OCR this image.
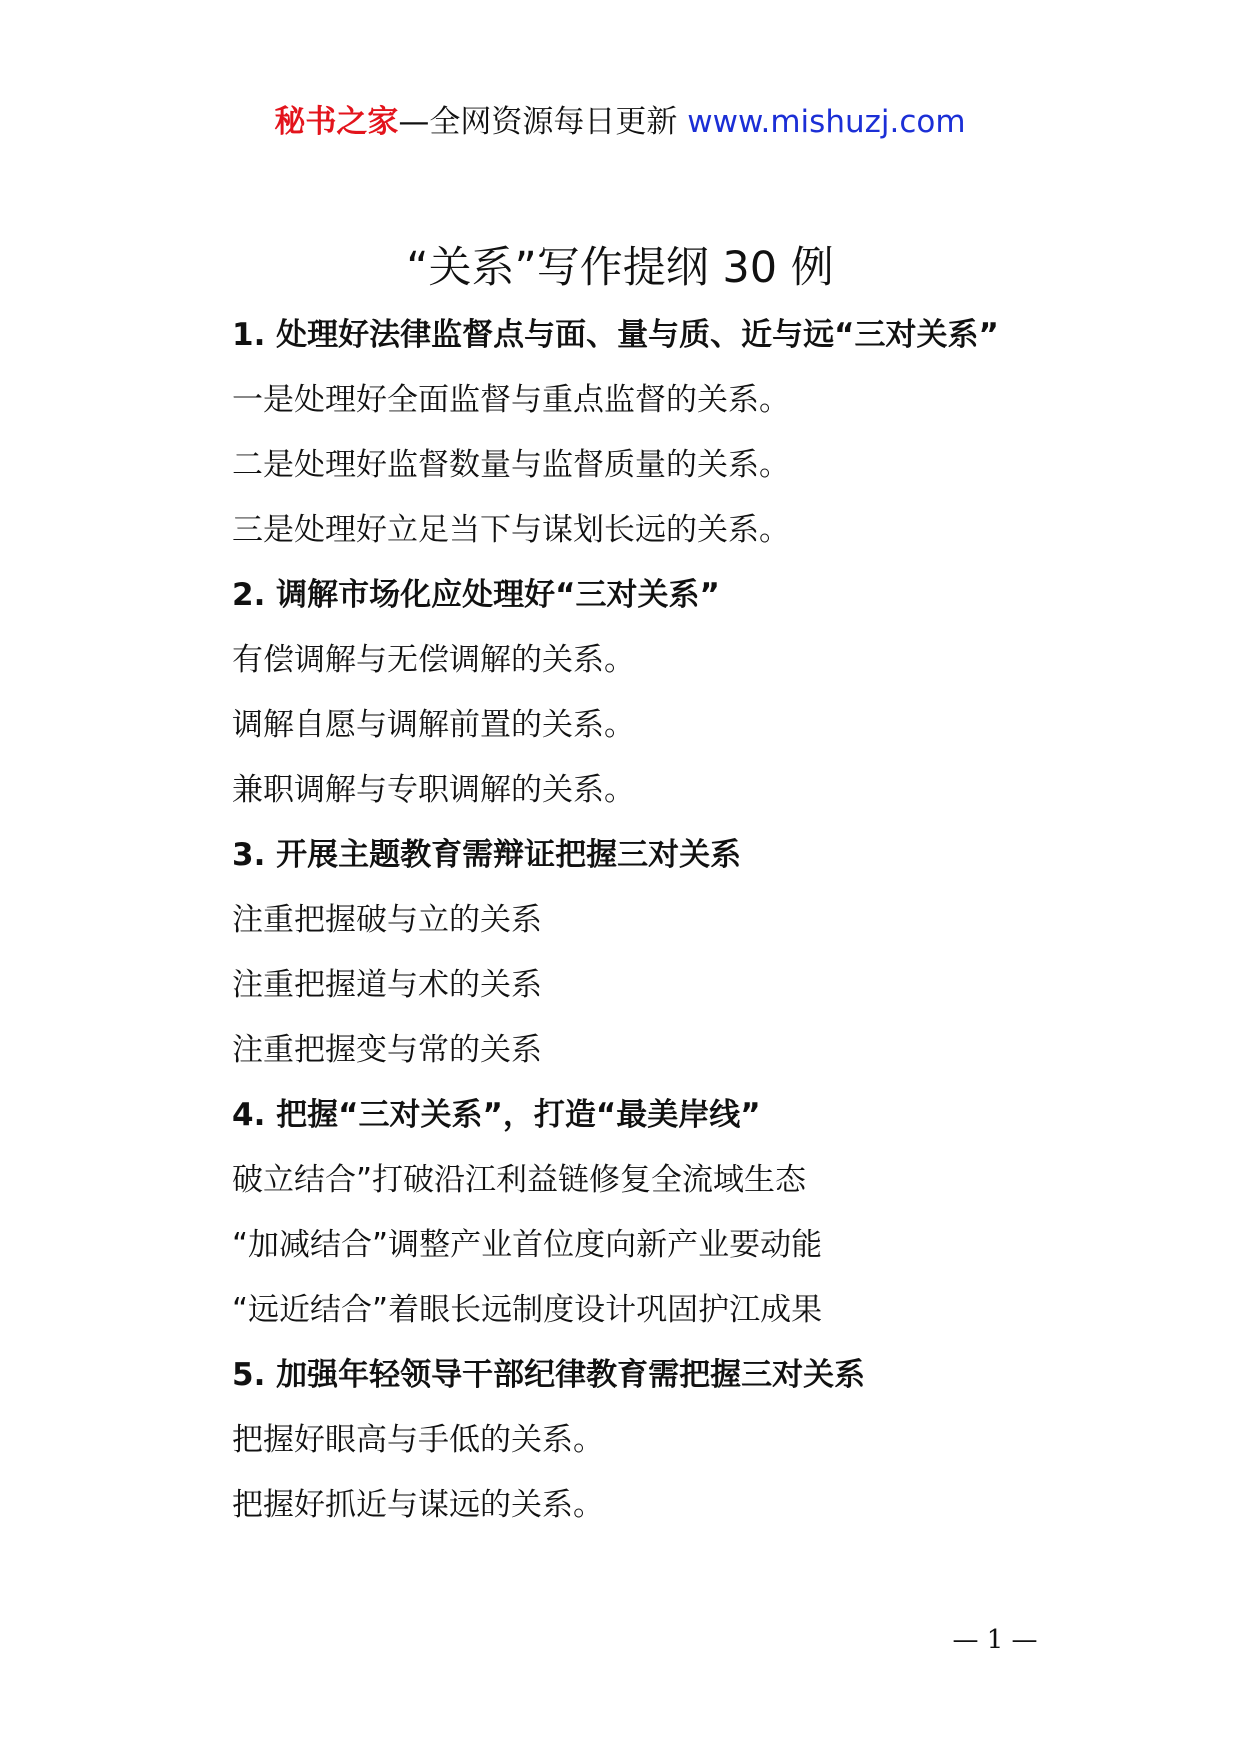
秘书之家—全网资源每日更新 www.mishuzj.com
“关系”写作提纲 30 例
1. 处理好法律监督点与面、量与质、近与远“三对关系”
一是处理好全面监督与重点监督的关系。
二是处理好监督数量与监督质量的关系。
三是处理好立足当下与谋划长远的关系。
2. 调解市场化应处理好“三对关系”
有偿调解与无偿调解的关系。
调解自愿与调解前置的关系。
兼职调解与专职调解的关系。
3. 开展主题教育需辩证把握三对关系
注重把握破与立的关系
注重把握道与术的关系
注重把握变与常的关系
4. 把握“三对关系”，打造“最美岸线”
破立结合”打破沿江利益链修复全流域生态
“加减结合”调整产业首位度向新产业要动能
“远近结合”着眼长远制度设计巩固护江成果
5. 加强年轻领导干部纪律教育需把握三对关系
把握好眼高与手低的关系。
把握好抓近与谋远的关系。
— 1 —
